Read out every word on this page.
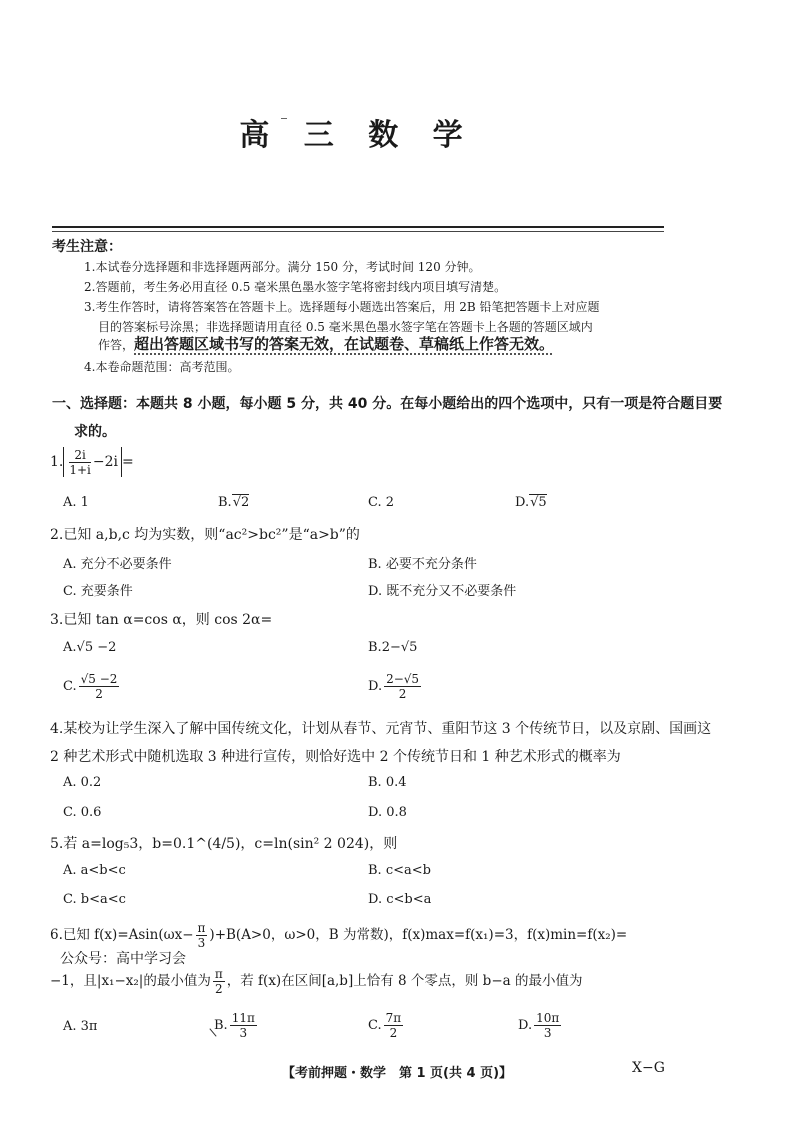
高 三 数 学
考生注意：
1.本试卷分选择题和非选择题两部分。满分 150 分，考试时间 120 分钟。
2.答题前，考生务必用直径 0.5 毫米黑色墨水签字笔将密封线内项目填写清楚。
3.考生作答时，请将答案答在答题卡上。选择题每小题选出答案后，用 2B 铅笔把答题卡上对应题
目的答案标号涂黑；非选择题请用直径 0.5 毫米黑色墨水签字笔在答题卡上各题的答题区域内
作答，超出答题区域书写的答案无效，在试题卷、草稿纸上作答无效。
4.本卷命题范围：高考范围。
一、选择题：本题共 8 小题，每小题 5 分，共 40 分。在每小题给出的四个选项中，只有一项是符合题目要
求的。
1. $\frac{2i}{1+i} -2i$ =
A. 1	B.√2	C. 2	D.√5
2.已知 a,b,c 均为实数，则“ac²>bc²”是“a>b”的
A. 充分不必要条件	B. 必要不充分条件
C. 充要条件	D. 既不充分又不必要条件
3.已知 tan α=cos α，则 cos 2α=
A.√5 −2	B.2−√5
C. $\frac{√5 -2}{2}$	D. $\frac{2-√5}{2}$
4.某校为让学生深入了解中国传统文化，计划从春节、元宵节、重阳节这 3 个传统节日，以及京剧、国画这
2 种艺术形式中随机选取 3 种进行宣传，则恰好选中 2 个传统节日和 1 种艺术形式的概率为
A. 0.2	B. 0.4
C. 0.6	D. 0.8
5.若 a=log₅3，b=0.1^(4/5)，c=ln(sin² 2 024)，则
A. a<b<c	B. c<a<b
C. b<a<c	D. c<b<a
6.已知 $f(x)=Asin(\omega x- \frac{\pi}{3} )+B(A>0$，ω>0，B 为常数)，f(x)max=f(x₁)=3，f(x)min=f(x₂)=
公众号：高中学习会
−1，且|x₁−x₂|的最小值为 $\frac{\pi}{2}$ ，若 f(x)在区间[a,b]上恰有 8 个零点，则 b−a 的最小值为
A. 3π	B. $\frac{11\pi}{3}$	C. $\frac{7\pi}{2}$	D. $\frac{10\pi}{3}$
【考前押题・数学　第 1 页(共 4 页)】	X−G
